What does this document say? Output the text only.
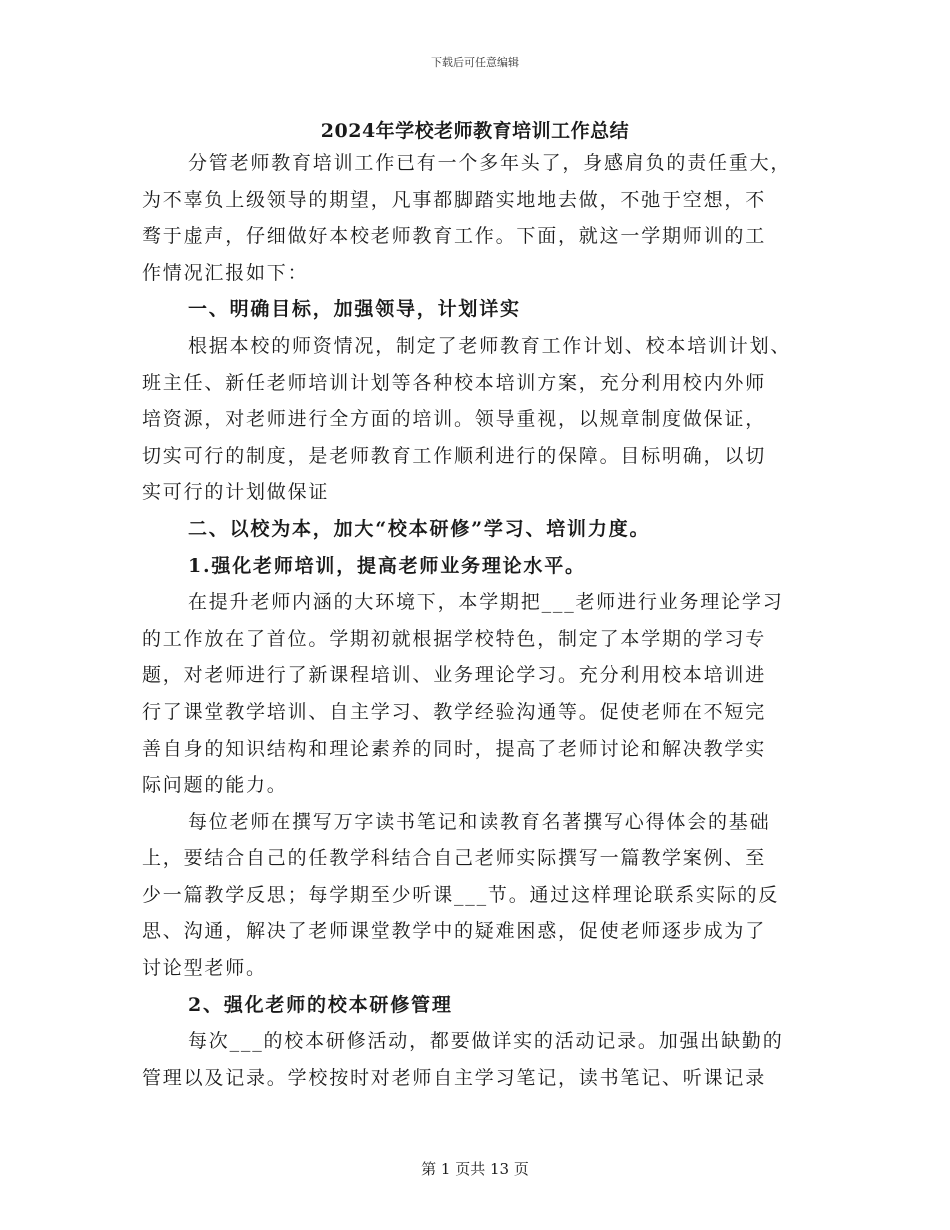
下载后可任意编辑
2024年学校老师教育培训工作总结
分管老师教育培训工作已有一个多年头了，身感肩负的责任重大，
为不辜负上级领导的期望，凡事都脚踏实地地去做，不弛于空想，不
骛于虚声，仔细做好本校老师教育工作。下面，就这一学期师训的工
作情况汇报如下：
一、明确目标，加强领导，计划详实
根据本校的师资情况，制定了老师教育工作计划、校本培训计划、
班主任、新任老师培训计划等各种校本培训方案，充分利用校内外师
培资源，对老师进行全方面的培训。领导重视，以规章制度做保证，
切实可行的制度，是老师教育工作顺利进行的保障。目标明确，以切
实可行的计划做保证
二、以校为本，加大“校本研修”学习、培训力度。
1.强化老师培训，提高老师业务理论水平。
在提升老师内涵的大环境下，本学期把___老师进行业务理论学习
的工作放在了首位。学期初就根据学校特色，制定了本学期的学习专
题，对老师进行了新课程培训、业务理论学习。充分利用校本培训进
行了课堂教学培训、自主学习、教学经验沟通等。促使老师在不短完
善自身的知识结构和理论素养的同时，提高了老师讨论和解决教学实
际问题的能力。
每位老师在撰写万字读书笔记和读教育名著撰写心得体会的基础
上，要结合自己的任教学科结合自己老师实际撰写一篇教学案例、至
少一篇教学反思；每学期至少听课___节。通过这样理论联系实际的反
思、沟通，解决了老师课堂教学中的疑难困惑，促使老师逐步成为了
讨论型老师。
2、强化老师的校本研修管理
每次___的校本研修活动，都要做详实的活动记录。加强出缺勤的
管理以及记录。学校按时对老师自主学习笔记，读书笔记、听课记录
第 1 页共 13 页
